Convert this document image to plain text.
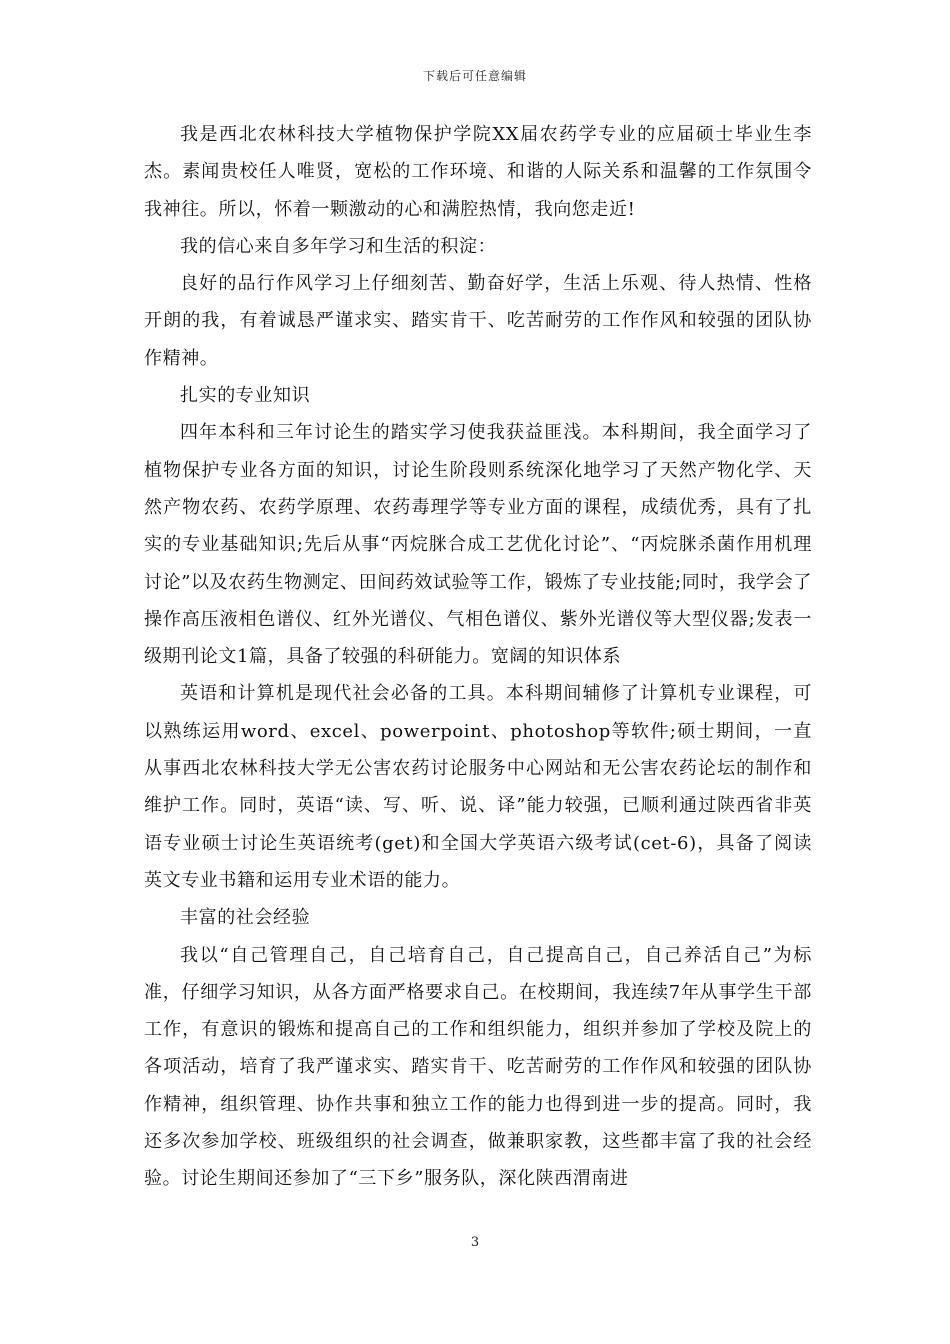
下载后可任意编辑

我是西北农林科技大学植物保护学院XX届农药学专业的应届硕士毕业生李杰。素闻贵校任人唯贤，宽松的工作环境、和谐的人际关系和温馨的工作氛围令我神往。所以，怀着一颗激动的心和满腔热情，我向您走近!

我的信心来自多年学习和生活的积淀：

良好的品行作风学习上仔细刻苦、勤奋好学，生活上乐观、待人热情、性格开朗的我，有着诚恳严谨求实、踏实肯干、吃苦耐劳的工作作风和较强的团队协作精神。

扎实的专业知识

四年本科和三年讨论生的踏实学习使我获益匪浅。本科期间，我全面学习了植物保护专业各方面的知识，讨论生阶段则系统深化地学习了天然产物化学、天然产物农药、农药学原理、农药毒理学等专业方面的课程，成绩优秀，具有了扎实的专业基础知识;先后从事“丙烷脒合成工艺优化讨论”、“丙烷脒杀菌作用机理讨论”以及农药生物测定、田间药效试验等工作，锻炼了专业技能;同时，我学会了操作高压液相色谱仪、红外光谱仪、气相色谱仪、紫外光谱仪等大型仪器;发表一级期刊论文1篇，具备了较强的科研能力。宽阔的知识体系

英语和计算机是现代社会必备的工具。本科期间辅修了计算机专业课程，可以熟练运用word、excel、powerpoint、photoshop等软件;硕士期间，一直从事西北农林科技大学无公害农药讨论服务中心网站和无公害农药论坛的制作和维护工作。同时，英语“读、写、听、说、译”能力较强，已顺利通过陕西省非英语专业硕士讨论生英语统考(get)和全国大学英语六级考试(cet-6)，具备了阅读英文专业书籍和运用专业术语的能力。

丰富的社会经验

我以“自己管理自己，自己培育自己，自己提高自己，自己养活自己”为标准，仔细学习知识，从各方面严格要求自己。在校期间，我连续7年从事学生干部工作，有意识的锻炼和提高自己的工作和组织能力，组织并参加了学校及院上的各项活动，培育了我严谨求实、踏实肯干、吃苦耐劳的工作作风和较强的团队协作精神，组织管理、协作共事和独立工作的能力也得到进一步的提高。同时，我还多次参加学校、班级组织的社会调查，做兼职家教，这些都丰富了我的社会经验。讨论生期间还参加了“三下乡”服务队，深化陕西渭南进

3
